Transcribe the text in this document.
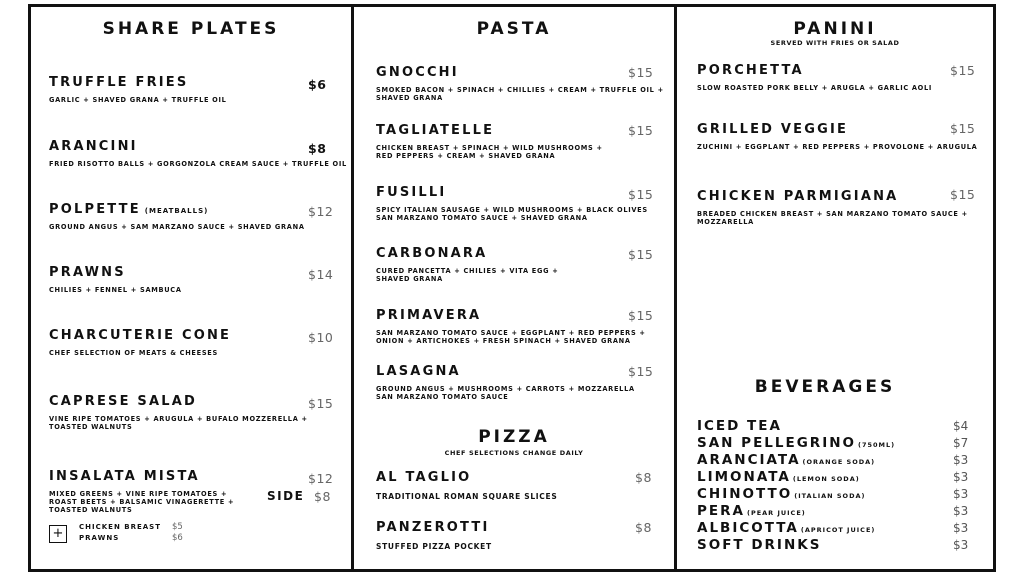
SHARE PLATES
TRUFFLE FRIES
GARLIC + SHAVED GRANA + TRUFFLE OIL
$6
ARANCINI
FRIED RISOTTO BALLS + GORGONZOLA CREAM SAUCE + TRUFFLE OIL
$8
POLPETTE (MEATBALLS)
GROUND ANGUS + SAM MARZANO SAUCE + SHAVED GRANA
$12
PRAWNS
CHILIES + FENNEL + SAMBUCA
$14
CHARCUTERIE CONE
CHEF SELECTION OF MEATS & CHEESES
$10
CAPRESE SALAD
VINE RIPE TOMATOES + ARUGULA + BUFALO MOZZERELLA +
TOASTED WALNUTS
$15
INSALATA MISTA
MIXED GREENS + VINE RIPE TOMATOES +
ROAST BEETS + BALSAMIC VINAGERETTE +
TOASTED WALNUTS
$12
SIDE $8
+	CHICKEN BREAST $5
PRAWNS	$6
PASTA
GNOCCHI
SMOKED BACON + SPINACH + CHILLIES + CREAM + TRUFFLE OIL +
SHAVED GRANA
$15
TAGLIATELLE
CHICKEN BREAST + SPINACH + WILD MUSHROOMS +
RED PEPPERS + CREAM + SHAVED GRANA
$15
FUSILLI
SPICY ITALIAN SAUSAGE + WILD MUSHROOMS + BLACK OLIVES
SAN MARZANO TOMATO SAUCE + SHAVED GRANA
$15
CARBONARA
CURED PANCETTA + CHILIES + VITA EGG +
SHAVED GRANA
$15
PRIMAVERA
SAN MARZANO TOMATO SAUCE + EGGPLANT + RED PEPPERS +
ONION + ARTICHOKES + FRESH SPINACH + SHAVED GRANA
$15
LASAGNA
GROUND ANGUS + MUSHROOMS + CARROTS + MOZZARELLA
SAN MARZANO TOMATO SAUCE
$15
PIZZA
CHEF SELECTIONS CHANGE DAILY
AL TAGLIO
TRADITIONAL ROMAN SQUARE SLICES
$8
PANZEROTTI
STUFFED PIZZA POCKET
$8
PANINI
SERVED WITH FRIES OR SALAD
PORCHETTA
SLOW ROASTED PORK BELLY + ARUGLA + GARLIC AOLI
$15
GRILLED VEGGIE
ZUCHINI + EGGPLANT + RED PEPPERS + PROVOLONE + ARUGULA
$15
CHICKEN PARMIGIANA
BREADED CHICKEN BREAST + SAN MARZANO TOMATO SAUCE +
MOZZARELLA
$15
BEVERAGES
ICED TEA	$4
SAN PELLEGRINO (750ML)	$7
ARANCIATA (ORANGE SODA)	$3
LIMONATA (LEMON SODA)	$3
CHINOTTO (ITALIAN SODA)	$3
PERA (PEAR JUICE)	$3
ALBICOTTA (APRICOT JUICE)	$3
SOFT DRINKS	$3
